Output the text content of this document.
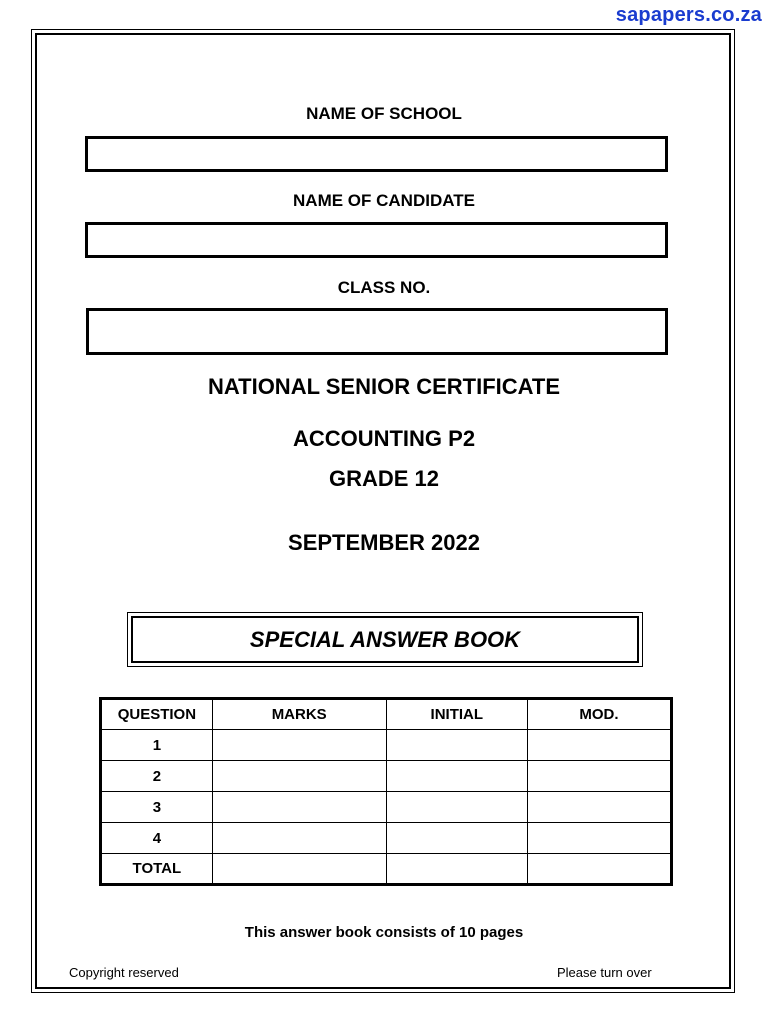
sapapers.co.za
NAME OF SCHOOL
NAME OF CANDIDATE
CLASS NO.
NATIONAL SENIOR CERTIFICATE
ACCOUNTING P2
GRADE 12
SEPTEMBER 2022
SPECIAL ANSWER BOOK
QUESTION	MARKS	INITIAL	MOD.
1			
2			
3			
4			
TOTAL			
This answer book consists of 10 pages
Copyright reserved	Please turn over
